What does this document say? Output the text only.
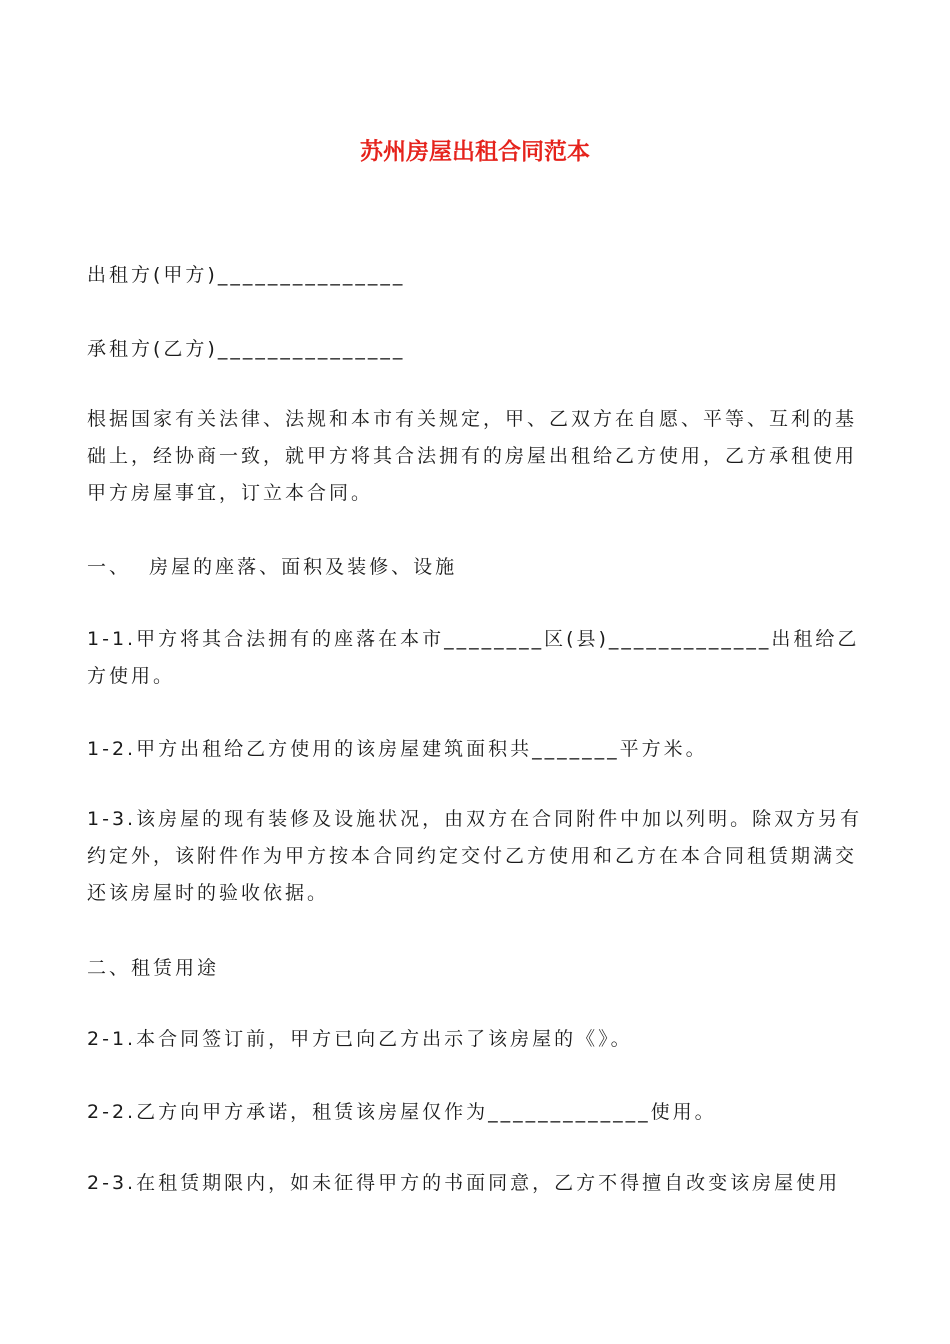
苏州房屋出租合同范本
出租方(甲方)_______________
承租方(乙方)_______________
根据国家有关法律、法规和本市有关规定，甲、乙双方在自愿、平等、互利的基础上，经协商一致，就甲方将其合法拥有的房屋出租给乙方使用，乙方承租使用甲方房屋事宜，订立本合同。
一、  房屋的座落、面积及装修、设施
1-1.甲方将其合法拥有的座落在本市________区(县)_____________出租给乙方使用。
1-2.甲方出租给乙方使用的该房屋建筑面积共_______平方米。
1-3.该房屋的现有装修及设施状况，由双方在合同附件中加以列明。除双方另有约定外，该附件作为甲方按本合同约定交付乙方使用和乙方在本合同租赁期满交还该房屋时的验收依据。
二、租赁用途
2-1.本合同签订前，甲方已向乙方出示了该房屋的《》。
2-2.乙方向甲方承诺，租赁该房屋仅作为_____________使用。
2-3.在租赁期限内，如未征得甲方的书面同意，乙方不得擅自改变该房屋使用
